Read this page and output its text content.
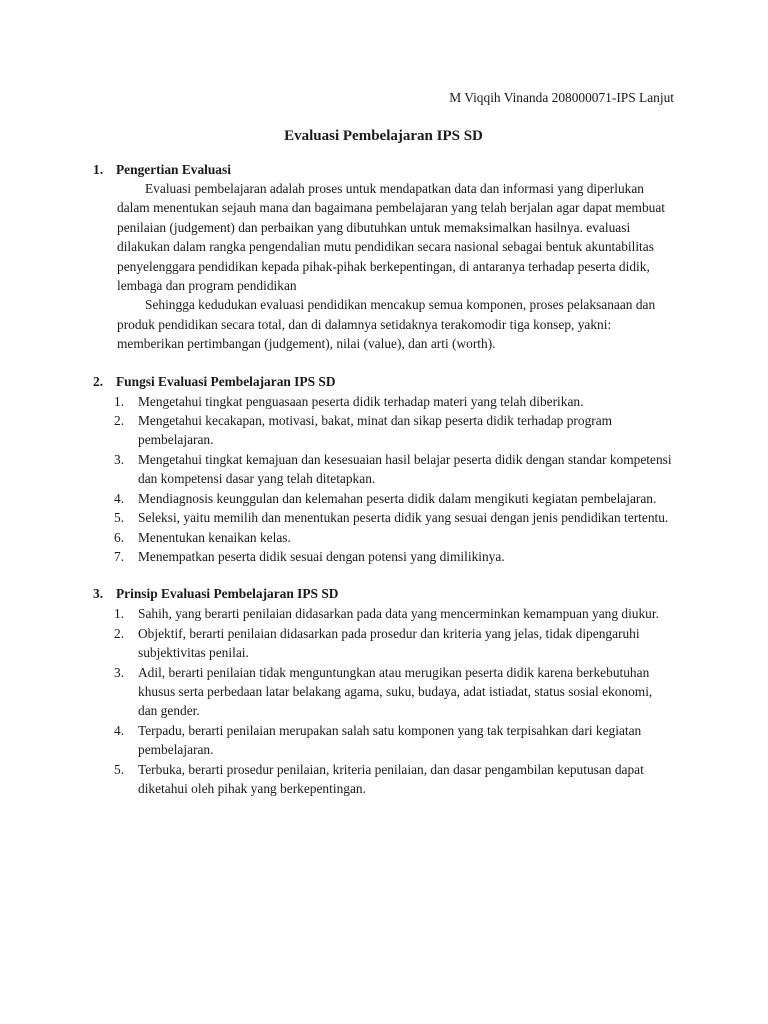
M Viqqih Vinanda 208000071-IPS Lanjut

Evaluasi Pembelajaran IPS SD
1. Pengertian Evaluasi

Evaluasi pembelajaran adalah proses untuk mendapatkan data dan informasi yang diperlukan dalam menentukan sejauh mana dan bagaimana pembelajaran yang telah berjalan agar dapat membuat penilaian (judgement) dan perbaikan yang dibutuhkan untuk memaksimalkan hasilnya. evaluasi dilakukan dalam rangka pengendalian mutu pendidikan secara nasional sebagai bentuk akuntabilitas penyelenggara pendidikan kepada pihak-pihak berkepentingan, di antaranya terhadap peserta didik, lembaga dan program pendidikan

Sehingga kedudukan evaluasi pendidikan mencakup semua komponen, proses pelaksanaan dan produk pendidikan secara total, dan di dalamnya setidaknya terakomodir tiga konsep, yakni: memberikan pertimbangan (judgement), nilai (value), dan arti (worth).

2. Fungsi Evaluasi Pembelajaran IPS SD
1.	Mengetahui tingkat penguasaan peserta didik terhadap materi yang telah diberikan.
2.	Mengetahui kecakapan, motivasi, bakat, minat dan sikap peserta didik terhadap program pembelajaran.
3.	Mengetahui tingkat kemajuan dan kesesuaian hasil belajar peserta didik dengan standar kompetensi dan kompetensi dasar yang telah ditetapkan.
4.	Mendiagnosis keunggulan dan kelemahan peserta didik dalam mengikuti kegiatan pembelajaran.
5.	Seleksi, yaitu memilih dan menentukan peserta didik yang sesuai dengan jenis pendidikan tertentu.
6.	Menentukan kenaikan kelas.
7.	Menempatkan peserta didik sesuai dengan potensi yang dimilikinya.
3. Prinsip Evaluasi Pembelajaran IPS SD
1.	Sahih, yang berarti penilaian didasarkan pada data yang mencerminkan kemampuan yang diukur.
2.	Objektif, berarti penilaian didasarkan pada prosedur dan kriteria yang jelas, tidak dipengaruhi subjektivitas penilai.
3.	Adil, berarti penilaian tidak menguntungkan atau merugikan peserta didik karena berkebutuhan khusus serta perbedaan latar belakang agama, suku, budaya, adat istiadat, status sosial ekonomi, dan gender.
4.	Terpadu, berarti penilaian merupakan salah satu komponen yang tak terpisahkan dari kegiatan pembelajaran.
5.	Terbuka, berarti prosedur penilaian, kriteria penilaian, dan dasar pengambilan keputusan dapat diketahui oleh pihak yang berkepentingan.
